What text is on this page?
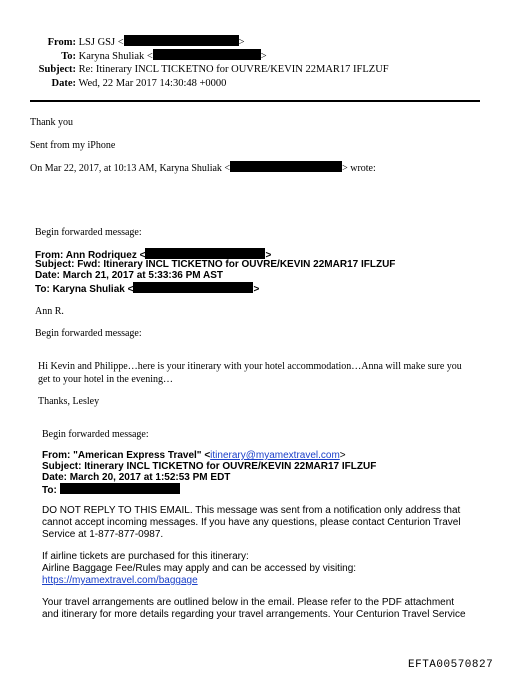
From: LSJ GSJ <	>
To: Karyna Shuliak <	>
Subject: Re: Itinerary INCL TICKETNO for OUVRE/KEVIN 22MAR17 IFLZUF
Date: Wed, 22 Mar 2017 14:30:48 +0000
Thank you
Sent from my iPhone
On Mar 22, 2017, at 10:13 AM, Karyna Shuliak <	> wrote:
Begin forwarded message:
From: Ann Rodriquez <	>
Subject: Fwd: Itinerary INCL TICKETNO for OUVRE/KEVIN 22MAR17 IFLZUF
Date: March 21, 2017 at 5:33:36 PM AST
To: Karyna Shuliak <	>
Ann R.
Begin forwarded message:
Hi Kevin and Philippe…here is your itinerary with your hotel accommodation…Anna will make sure you
get to your hotel in the evening…
Thanks, Lesley
Begin forwarded message:
From: "American Express Travel" <itinerary@myamextravel.com>
Subject: Itinerary INCL TICKETNO for OUVRE/KEVIN 22MAR17 IFLZUF
Date: March 20, 2017 at 1:52:53 PM EDT
To:
DO NOT REPLY TO THIS EMAIL. This message was sent from a notification only address that
cannot accept incoming messages. If you have any questions, please contact Centurion Travel
Service at 1-877-877-0987.
If airline tickets are purchased for this itinerary:
Airline Baggage Fee/Rules may apply and can be accessed by visiting:
https://myamextravel.com/baggage
Your travel arrangements are outlined below in the email. Please refer to the PDF attachment
and itinerary for more details regarding your travel arrangements. Your Centurion Travel Service
EFTA00570827
